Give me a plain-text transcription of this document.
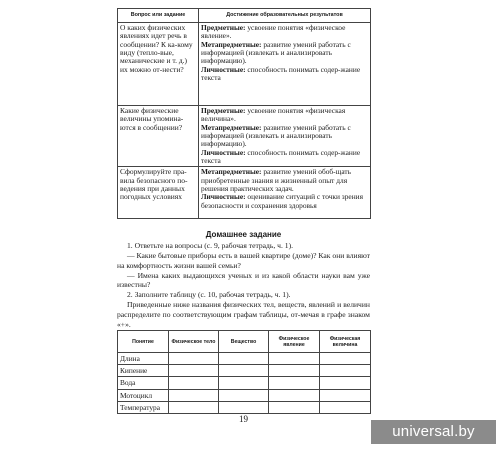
Вопрос или задание	Достижение образовательных результатов
О каких физических явлениях идет речь в сообщении? К ка-кому виду (тепло-вые, механические и т. д.) их можно от-нести?	Предметные: усвоение понятия «физическое явление».
Метапредметные: развитие умений работать с информацией (извлекать и анализировать информацию).
Личностные: способность понимать содер-жание текста

Какие физические величины упомина-ются в сообщении?	Предметные: усвоение понятия «физическая величина».
Метапредметные: развитие умений работать с информацией (извлекать и анализировать информацию).
Личностные: способность понимать содер-жание текста

Сформулируйте пра-вила безопасного по-ведения при данных погодных условиях	Метапредметные: развитие умений обоб-щать приобретенные знания и жизненный опыт для решения практических задач.
Личностные: оценивание ситуаций с точки зрения безопасности и сохранения здоровья
Домашнее задание

1. Ответьте на вопросы (с. 9, рабочая тетрадь, ч. 1).

— Какие бытовые приборы есть в вашей квартире (доме)? Как они влияют на комфортность жизни вашей семьи?

— Имена каких выдающихся ученых и из какой области науки вам уже известны?

2. Заполните таблицу (с. 10, рабочая тетрадь, ч. 1).

Приведенные ниже названия физических тел, веществ, явлений и величин распределите по соответствующим графам таблицы, от-мечая в графе знаком «+».

Понятие	Физическое тело	Вещество	Физическое явление	Физическая величина
Длина				
Кипение				
Вода				
Мотоцикл				
Температура				
19
universal.by
